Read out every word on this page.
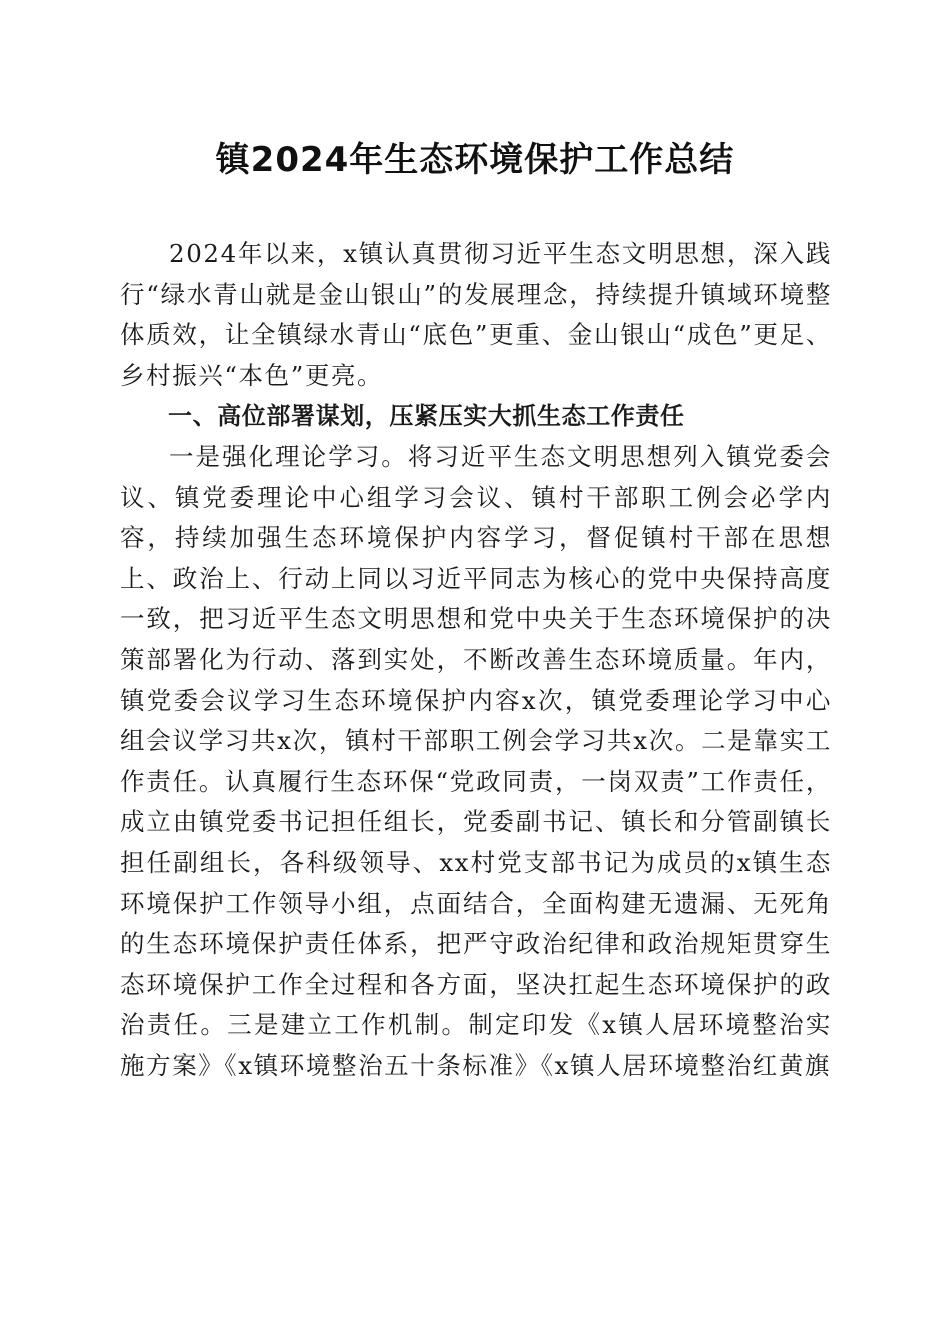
镇2024年生态环境保护工作总结

2024年以来，x镇认真贯彻习近平生态文明思想，深入践行“绿水青山就是金山银山”的发展理念，持续提升镇域环境整体质效，让全镇绿水青山“底色”更重、金山银山“成色”更足、乡村振兴“本色”更亮。

一、高位部署谋划，压紧压实大抓生态工作责任

一是强化理论学习。将习近平生态文明思想列入镇党委会议、镇党委理论中心组学习会议、镇村干部职工例会必学内容，持续加强生态环境保护内容学习，督促镇村干部在思想上、政治上、行动上同以习近平同志为核心的党中央保持高度一致，把习近平生态文明思想和党中央关于生态环境保护的决策部署化为行动、落到实处，不断改善生态环境质量。年内，镇党委会议学习生态环境保护内容x次，镇党委理论学习中心组会议学习共x次，镇村干部职工例会学习共x次。二是靠实工作责任。认真履行生态环保“党政同责，一岗双责”工作责任，成立由镇党委书记担任组长，党委副书记、镇长和分管副镇长担任副组长，各科级领导、xx村党支部书记为成员的x镇生态环境保护工作领导小组，点面结合，全面构建无遗漏、无死角的生态环境保护责任体系，把严守政治纪律和政治规矩贯穿生态环境保护工作全过程和各方面，坚决扛起生态环境保护的政治责任。三是建立工作机制。制定印发《x镇人居环境整治实施方案》《x镇环境整治五十条标准》《x镇人居环境整治红黄旗
